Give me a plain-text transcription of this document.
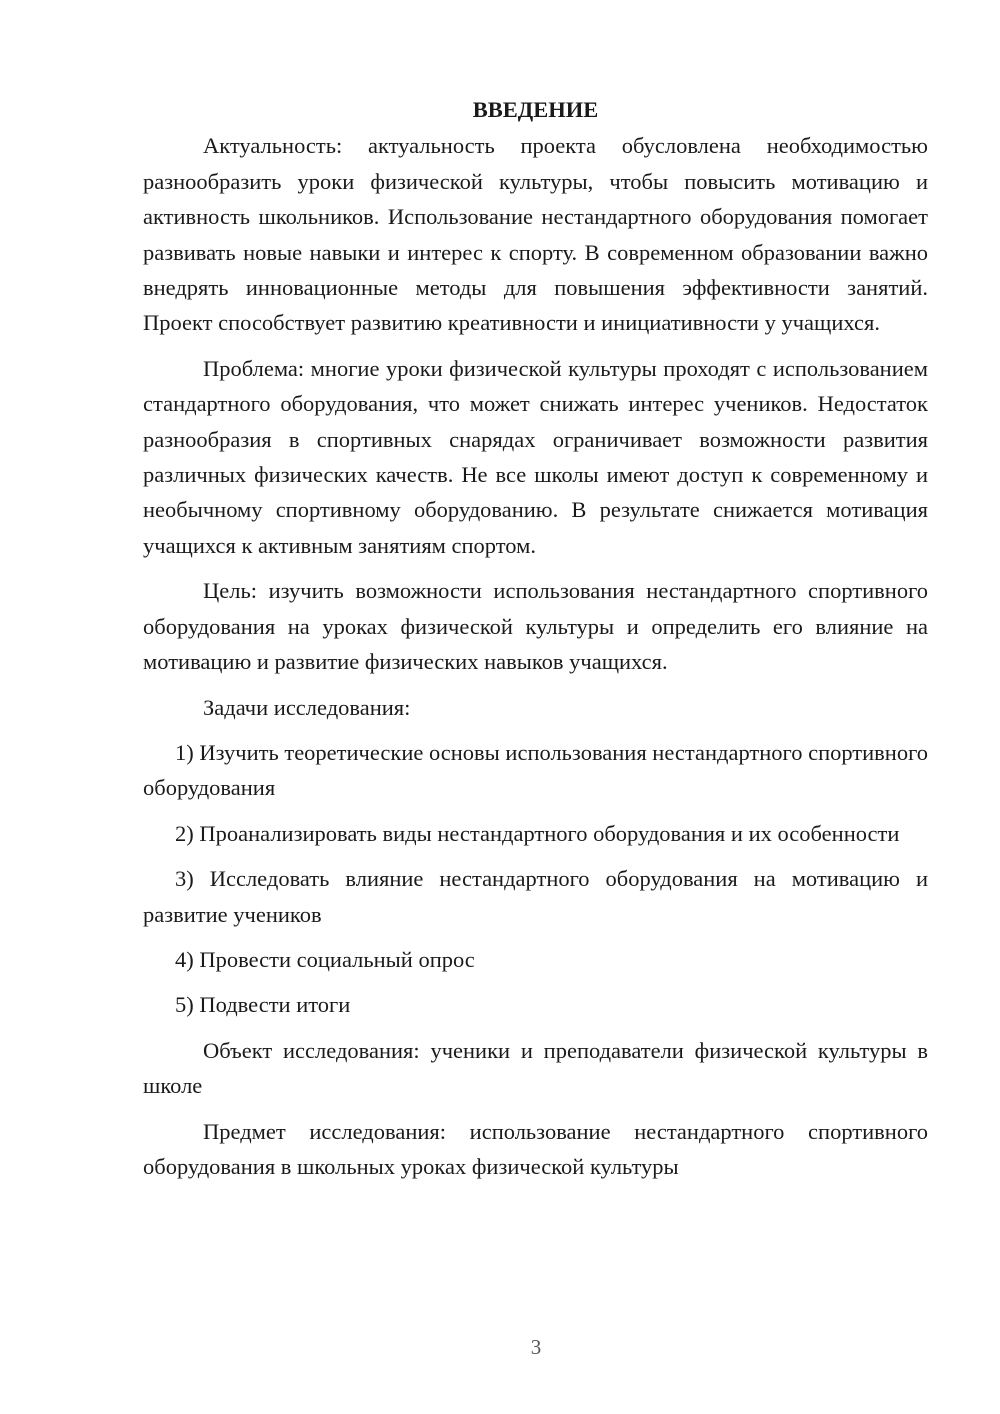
ВВЕДЕНИЕ

Актуальность: актуальность проекта обусловлена необходимостью разнообразить уроки физической культуры, чтобы повысить мотивацию и активность школьников. Использование нестандартного оборудования помогает развивать новые навыки и интерес к спорту. В современном образовании важно внедрять инновационные методы для повышения эффективности занятий. Проект способствует развитию креативности и инициативности у учащихся.

Проблема: многие уроки физической культуры проходят с использованием стандартного оборудования, что может снижать интерес учеников. Недостаток разнообразия в спортивных снарядах ограничивает возможности развития различных физических качеств. Не все школы имеют доступ к современному и необычному спортивному оборудованию. В результате снижается мотивация учащихся к активным занятиям спортом.

Цель: изучить возможности использования нестандартного спортивного оборудования на уроках физической культуры и определить его влияние на мотивацию и развитие физических навыков учащихся.

Задачи исследования:

1) Изучить теоретические основы использования нестандартного спортивного оборудования

2) Проанализировать виды нестандартного оборудования и их особенности

3) Исследовать влияние нестандартного оборудования на мотивацию и развитие учеников

4) Провести социальный опрос

5) Подвести итоги

Объект исследования: ученики и преподаватели физической культуры в школе

Предмет исследования: использование нестандартного спортивного оборудования в школьных уроках физической культуры

3
